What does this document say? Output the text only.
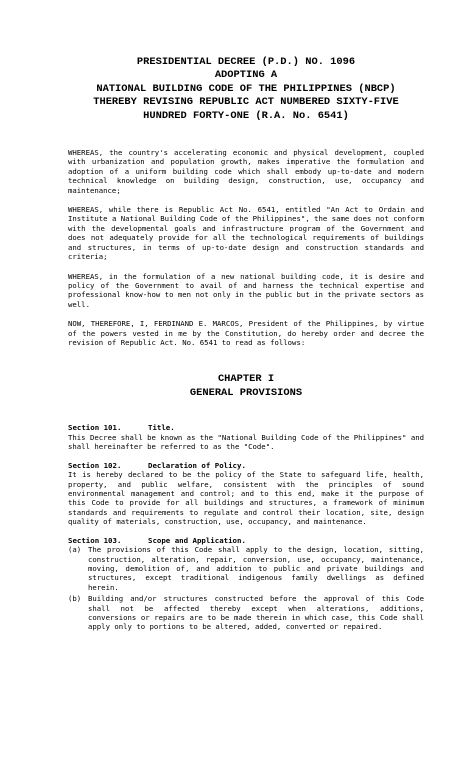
PRESIDENTIAL DECREE (P.D.) NO. 1096

ADOPTING A

NATIONAL BUILDING CODE OF THE PHILIPPINES (NBCP)

THEREBY REVISING REPUBLIC ACT NUMBERED SIXTY-FIVE

HUNDRED FORTY-ONE (R.A. No. 6541)

WHEREAS, the country's accelerating economic and physical development, coupled with urbanization and population growth, makes imperative the formulation and adoption of a uniform building code which shall embody up-to-date and modern technical knowledge on building design, construction, use, occupancy and maintenance;

WHEREAS, while there is Republic Act No. 6541, entitled "An Act to Ordain and Institute a National Building Code of the Philippines", the same does not conform with the developmental goals and infrastructure program of the Government and does not adequately provide for all the technological requirements of buildings and structures, in terms of up-to-date design and construction standards and criteria;

WHEREAS, in the formulation of a new national building code, it is desire and policy of the Government to avail of and harness the technical expertise and professional know-how to men not only in the public but in the private sectors as well.

NOW, THEREFORE, I, FERDINAND E. MARCOS, President of the Philippines, by virtue of the powers vested in me by the Constitution, do hereby order and decree the revision of Republic Act. No. 6541 to read as follows:

CHAPTER I

GENERAL PROVISIONS

Section 101.	Title.

This Decree shall be known as the "National Building Code of the Philippines" and shall hereinafter be referred to as the "Code".

Section 102.	Declaration of Policy.

It is hereby declared to be the policy of the State to safeguard life, health, property, and public welfare, consistent with the principles of sound environmental management and control; and to this end, make it the purpose of this Code to provide for all buildings and structures, a framework of minimum standards and requirements to regulate and control their location, site, design quality of materials, construction, use, occupancy, and maintenance.

Section 103.	Scope and Application.

(a) The provisions of this Code shall apply to the design, location, sitting, construction, alteration, repair, conversion, use, occupancy, maintenance, moving, demolition of, and addition to public and private buildings and structures, except traditional indigenous family dwellings as defined herein.
(b) Building and/or structures constructed before the approval of this Code shall not be affected thereby except when alterations, additions, conversions or repairs are to be made therein in which case, this Code shall apply only to portions to be altered, added, converted or repaired.
